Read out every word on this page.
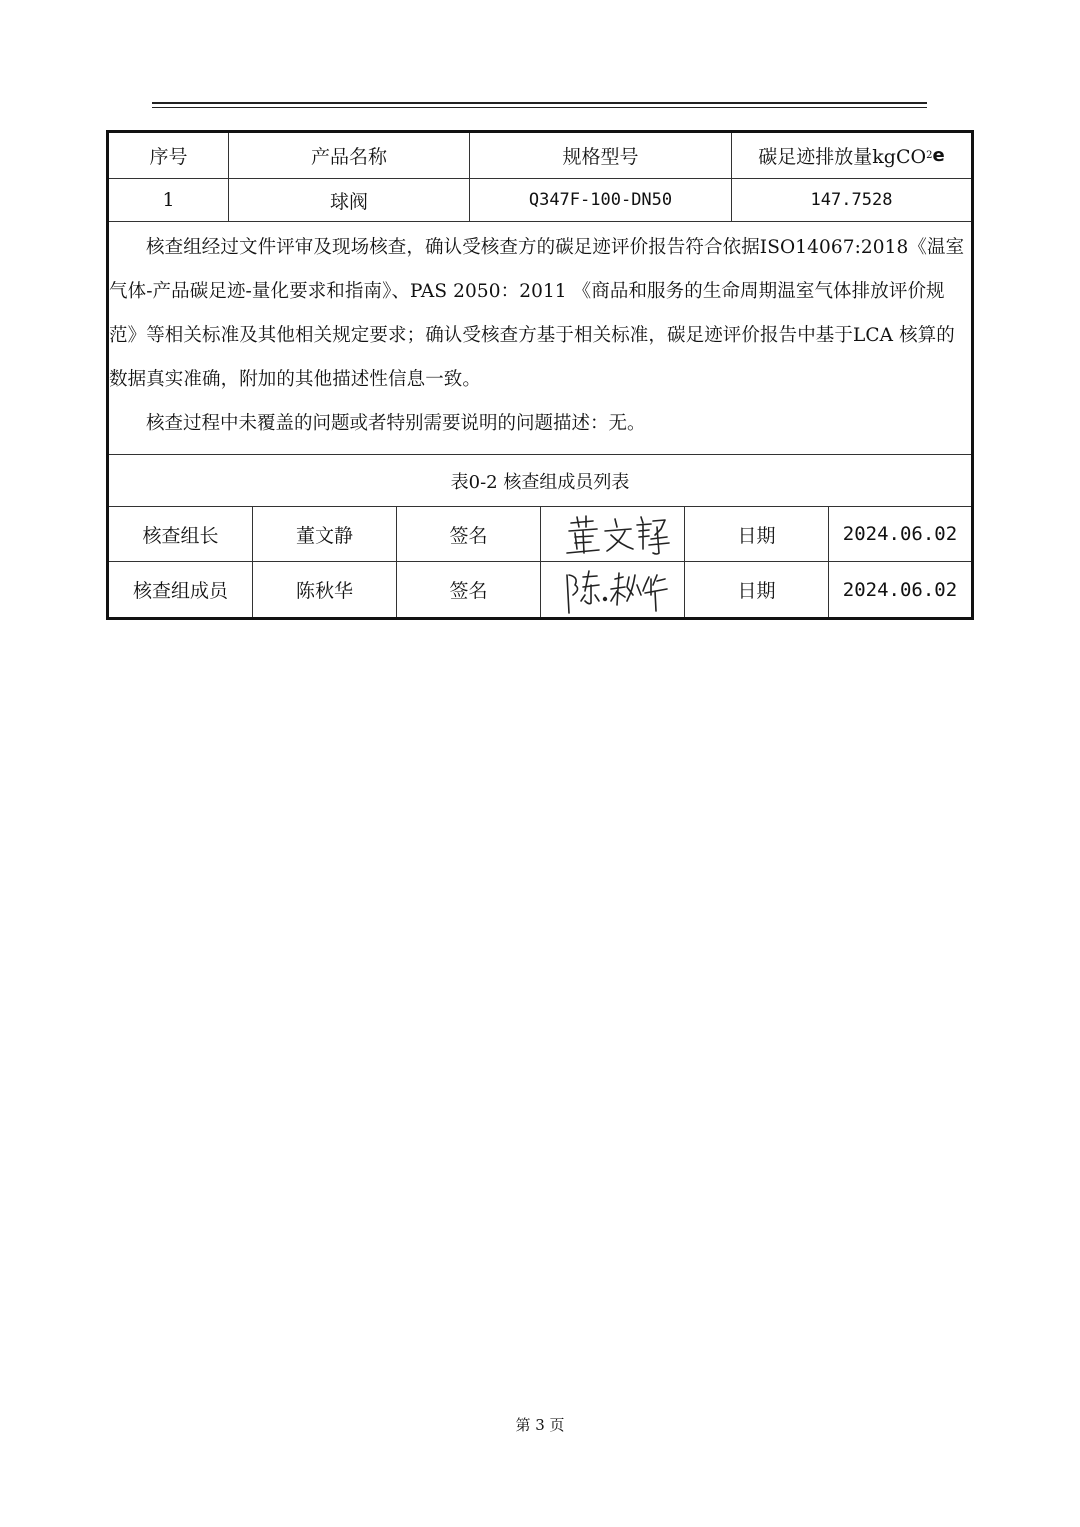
序号	产品名称	规格型号	碳足迹排放量kgCO 2 e
1	球阀	Q347F-100-DN50	147.7528

核查组经过文件评审及现场核查，确认受核查方的碳足迹评价报告符合依据ISO14067:2018《温室气体-产品碳足迹-量化要求和指南》、PAS 2050：2011 《商品和服务的生命周期温室气体排放评价规范》等相关标准及其他相关规定要求；确认受核查方基于相关标准，碳足迹评价报告中基于LCA 核算的数据真实准确，附加的其他描述性信息一致。

核查过程中未覆盖的问题或者特别需要说明的问题描述：无。

表0-2 核查组成员列表
核查组长	董文静	签名	日期	2024.06.02
核查组成员	陈秋华	签名	日期	2024.06.02
第 3 页
